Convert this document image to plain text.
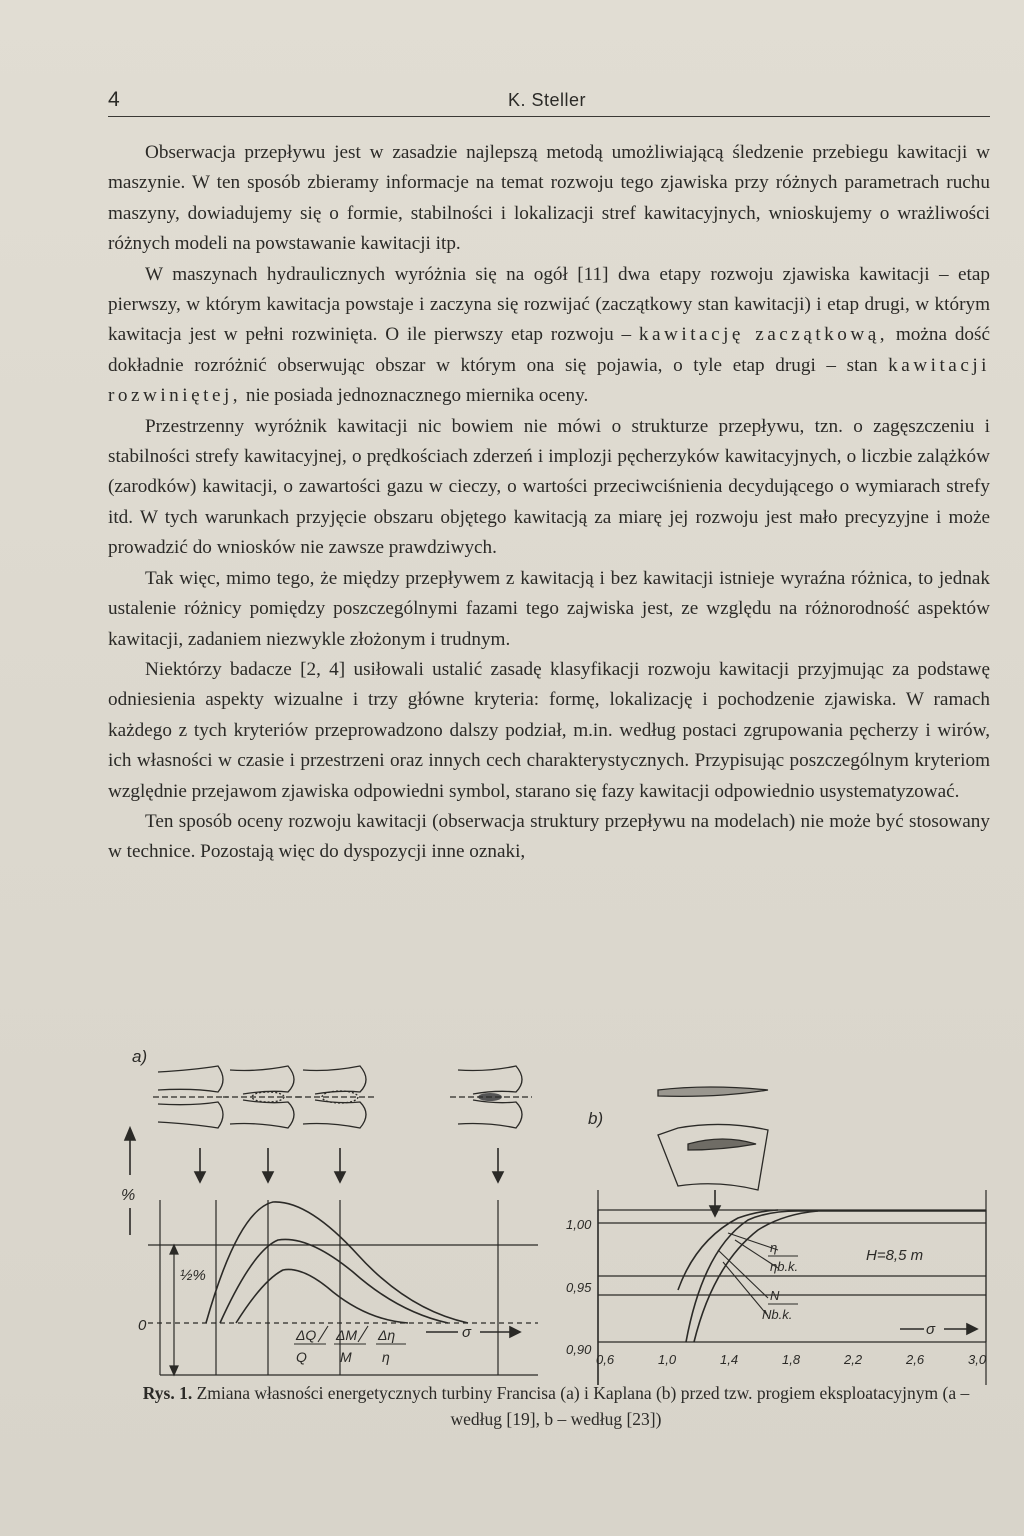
4	K. Steller

Obserwacja przepływu jest w zasadzie najlepszą metodą umożliwiającą śledzenie przebiegu kawitacji w maszynie. W ten sposób zbieramy informacje na temat rozwoju tego zjawiska przy różnych parametrach ruchu maszyny, dowiadujemy się o formie, stabilności i lokalizacji stref kawitacyjnych, wnioskujemy o wrażliwości różnych modeli na powstawanie kawitacji itp.

W maszynach hydraulicznych wyróżnia się na ogół [11] dwa etapy rozwoju zjawiska kawitacji – etap pierwszy, w którym kawitacja powstaje i zaczyna się rozwijać (zaczątkowy stan kawitacji) i etap drugi, w którym kawitacja jest w pełni rozwinięta. O ile pierwszy etap rozwoju – kawitację zaczątkową, można dość dokładnie rozróżnić obserwując obszar w którym ona się pojawia, o tyle etap drugi – stan kawitacji rozwiniętej, nie posiada jednoznacznego miernika oceny.

Przestrzenny wyróżnik kawitacji nic bowiem nie mówi o strukturze przepływu, tzn. o zagęszczeniu i stabilności strefy kawitacyjnej, o prędkościach zderzeń i implozji pęcherzyków kawitacyjnych, o liczbie zalążków (zarodków) kawitacji, o zawartości gazu w cieczy, o wartości przeciwciśnienia decydującego o wymiarach strefy itd. W tych warunkach przyjęcie obszaru objętego kawitacją za miarę jej rozwoju jest mało precyzyjne i może prowadzić do wniosków nie zawsze prawdziwych.

Tak więc, mimo tego, że między przepływem z kawitacją i bez kawitacji istnieje wyraźna różnica, to jednak ustalenie różnicy pomiędzy poszczególnymi fazami tego zajwiska jest, ze względu na różnorodność aspektów kawitacji, zadaniem niezwykle złożonym i trudnym.

Niektórzy badacze [2, 4] usiłowali ustalić zasadę klasyfikacji rozwoju kawitacji przyjmując za podstawę odniesienia aspekty wizualne i trzy główne kryteria: formę, lokalizację i pochodzenie zjawiska. W ramach każdego z tych kryteriów przeprowadzono dalszy podział, m.in. według postaci zgrupowania pęcherzy i wirów, ich własności w czasie i przestrzeni oraz innych cech charakterystycznych. Przypisując poszczególnym kryteriom względnie przejawom zjawiska odpowiedni symbol, starano się fazy kawitacji odpowiednio usystematyzować.

Ten sposób oceny rozwoju kawitacji (obserwacja struktury przepływu na modelach) nie może być stosowany w technice. Pozostają więc do dyspozycji inne oznaki,

a)
%
0
½%
ΔQ ΔM Δη
Q M η
σ
b)
1,00
0,95
0,90
η
ηb.k.
N
Nb.k.
H=8,5 m
σ
0,6	1,0	1,4	1,8	2,2	2,6	3,0
Rys. 1. Zmiana własności energetycznych turbiny Francisa (a) i Kaplana (b) przed tzw. progiem eksploatacyjnym (a – według [19], b – według [23])
